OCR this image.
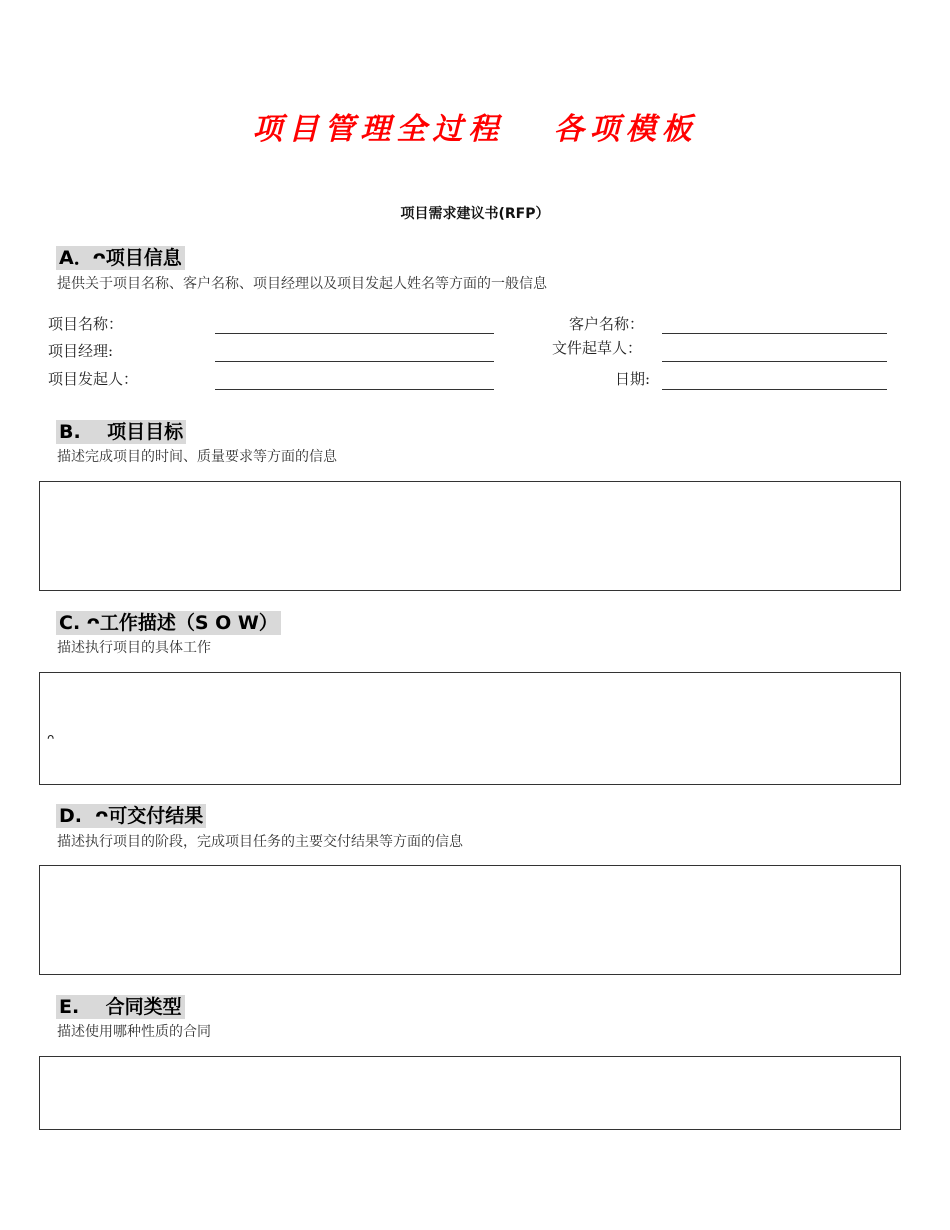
项目管理全过程   各项模板
项目需求建议书(RFP）
A．ᴖ项目信息
提供关于项目名称、客户名称、项目经理以及项目发起人姓名等方面的一般信息
项目名称：	客户名称：
项目经理:	文件起草人：
项目发起人：	日期:
B.    项目目标
描述完成项目的时间、质量要求等方面的信息
C. ᴖ工作描述（S O W）
描述执行项目的具体工作
ᴖ
D.  ᴖ可交付结果
描述执行项目的阶段，完成项目任务的主要交付结果等方面的信息
E.    合同类型
描述使用哪种性质的合同
